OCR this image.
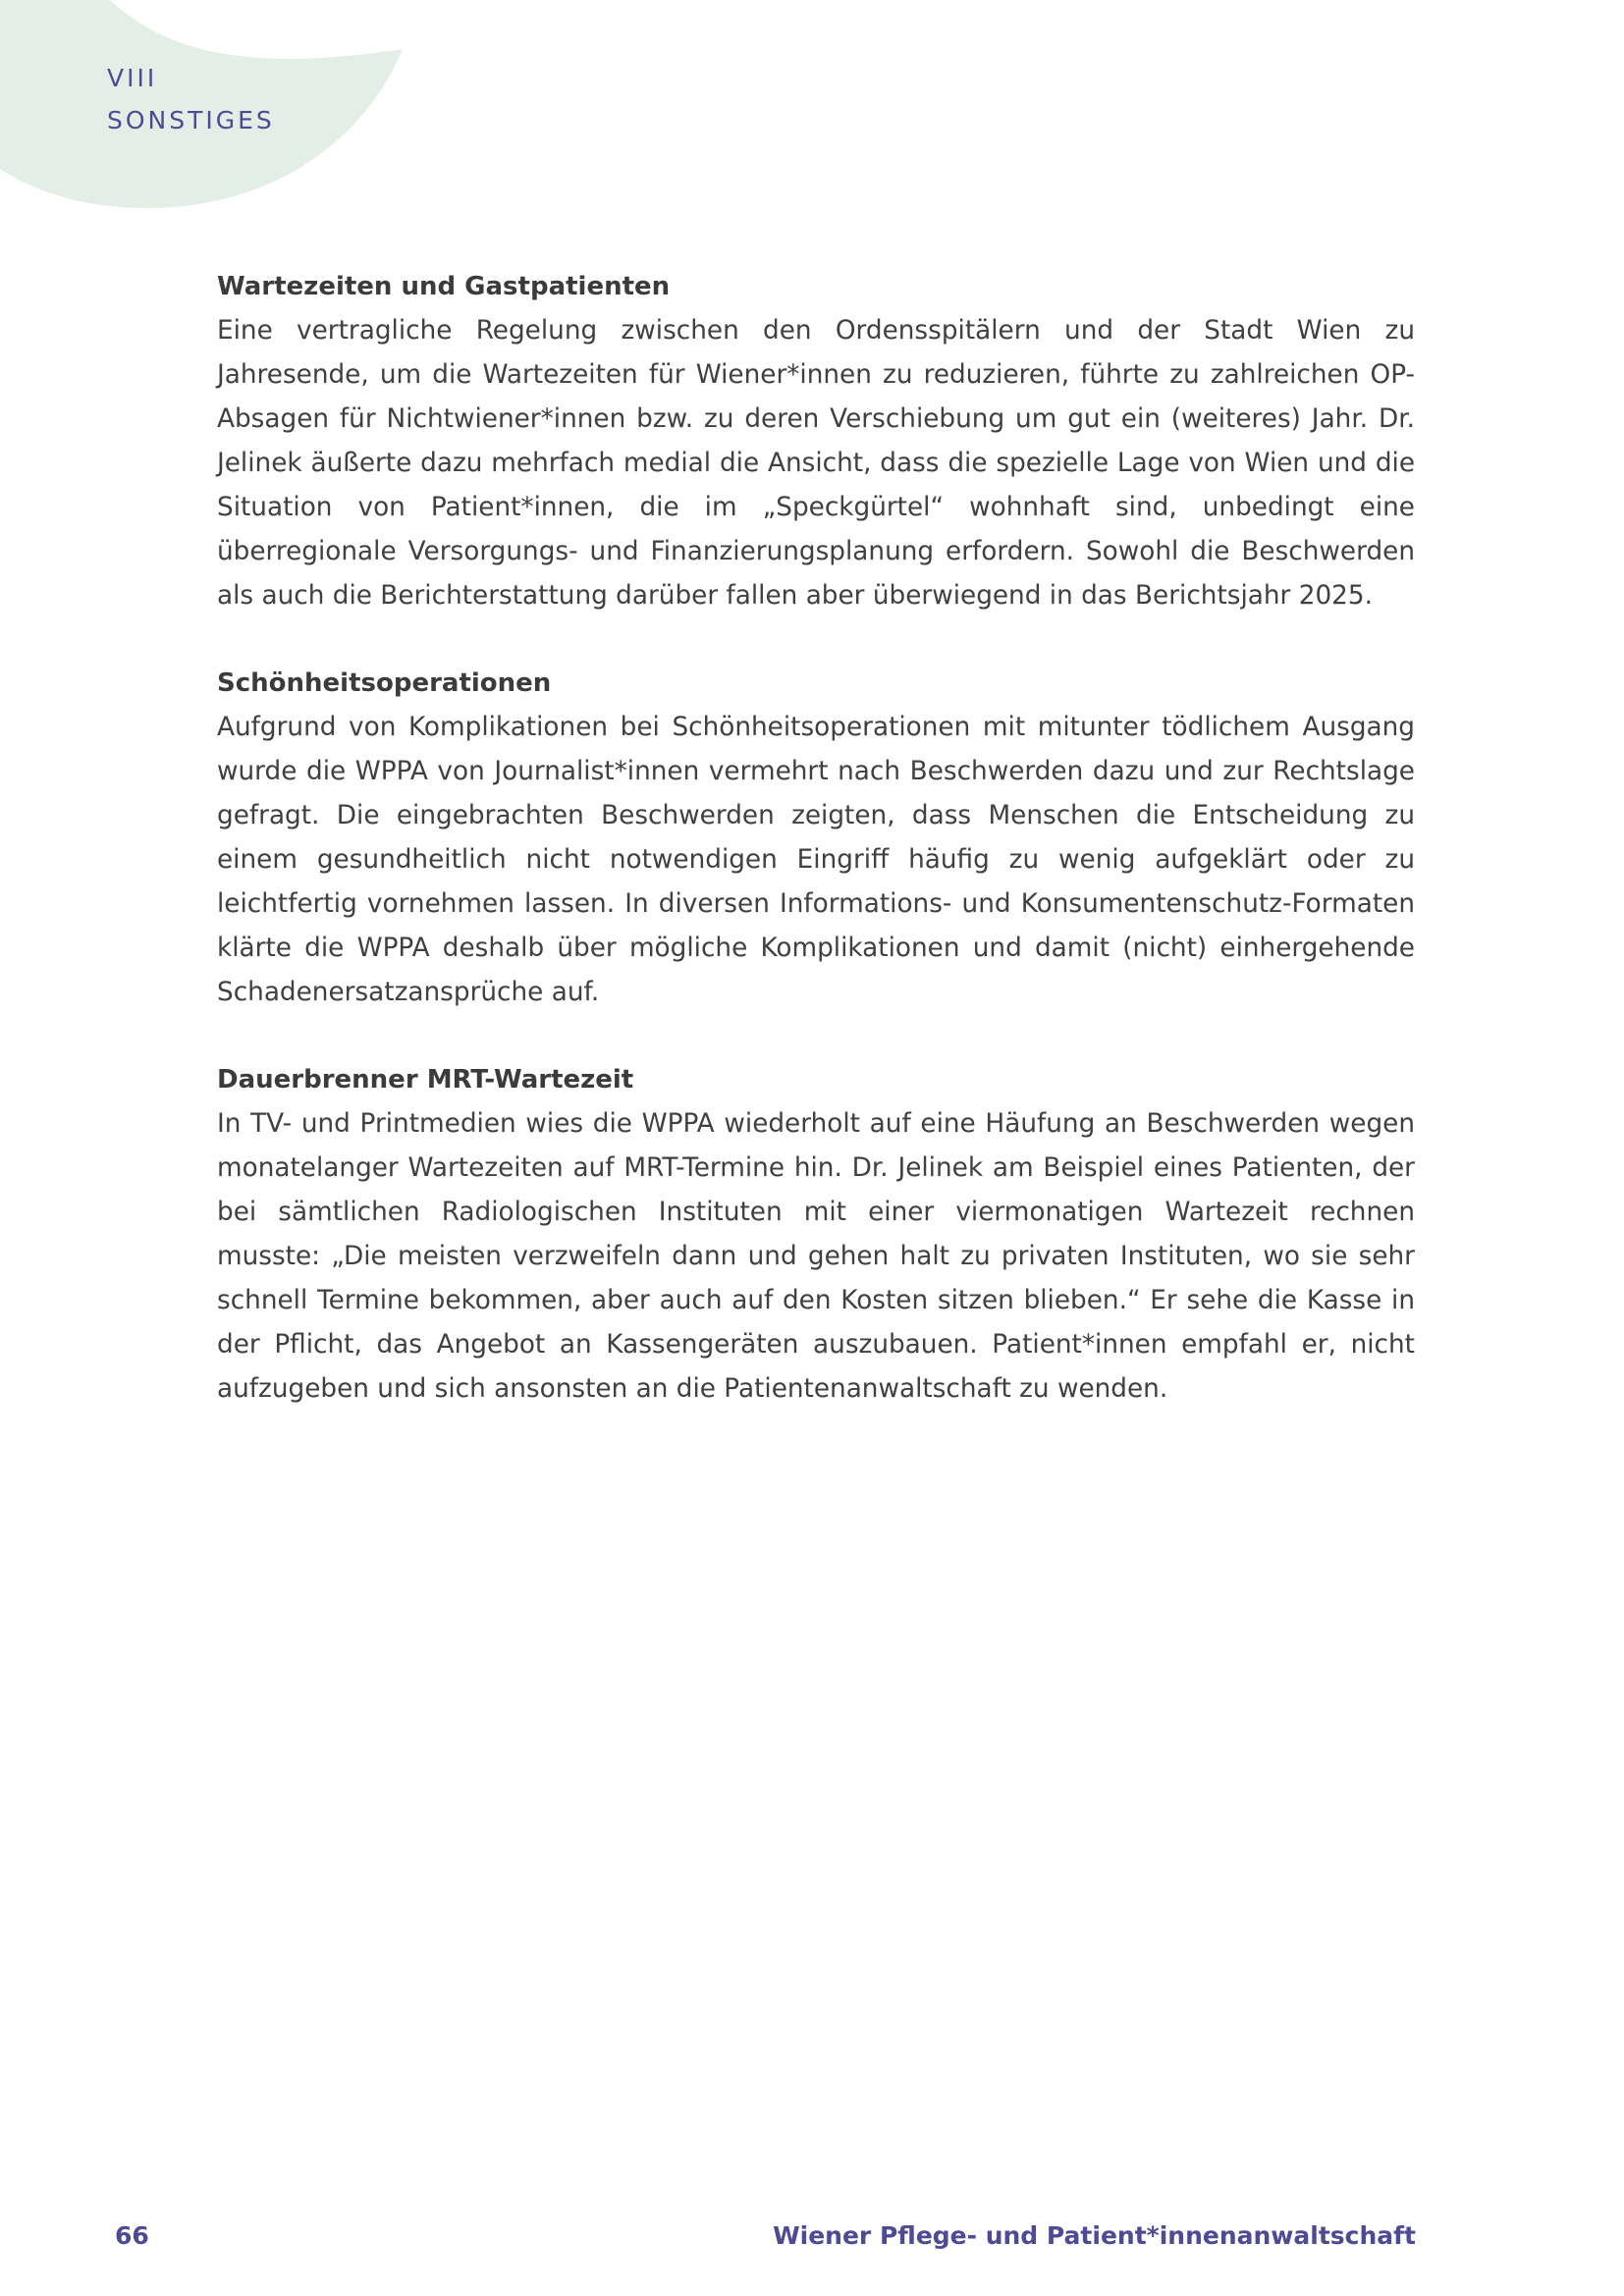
VIII
SONSTIGES
Wartezeiten und Gastpatienten

Eine vertragliche Regelung zwischen den Ordensspitälern und der Stadt Wien zu Jahresende, um die Wartezeiten für Wiener*innen zu reduzieren, führte zu zahlreichen OP-Absagen für Nichtwiener*innen bzw. zu deren Verschiebung um gut ein (weiteres) Jahr. Dr. Jelinek äußerte dazu mehrfach medial die Ansicht, dass die spezielle Lage von Wien und die Situation von Patient*innen, die im „Speckgürtel“ wohnhaft sind, unbedingt eine überregionale Versorgungs- und Finanzierungsplanung erfordern. Sowohl die Beschwerden als auch die Berichterstattung darüber fallen aber überwiegend in das Berichtsjahr 2025.

Schönheitsoperationen

Aufgrund von Komplikationen bei Schönheitsoperationen mit mitunter tödlichem Ausgang wurde die WPPA von Journalist*innen vermehrt nach Beschwerden dazu und zur Rechtslage gefragt. Die eingebrachten Beschwerden zeigten, dass Menschen die Entscheidung zu einem gesundheitlich nicht notwendigen Eingriff häufig zu wenig aufgeklärt oder zu leichtfertig vornehmen lassen. In diversen Informations- und Konsumentenschutz-Formaten klärte die WPPA deshalb über mögliche Komplikationen und damit (nicht) einhergehende Schadenersatzansprüche auf.

Dauerbrenner MRT-Wartezeit

In TV- und Printmedien wies die WPPA wiederholt auf eine Häufung an Beschwerden wegen monatelanger Wartezeiten auf MRT-Termine hin. Dr. Jelinek am Beispiel eines Patienten, der bei sämtlichen Radiologischen Instituten mit einer viermonatigen Wartezeit rechnen musste: „Die meisten verzweifeln dann und gehen halt zu privaten Instituten, wo sie sehr schnell Termine bekommen, aber auch auf den Kosten sitzen blieben.“ Er sehe die Kasse in der Pflicht, das Angebot an Kassengeräten auszubauen. Patient*innen empfahl er, nicht aufzugeben und sich ansonsten an die Patientenanwaltschaft zu wenden.

66	Wiener Pflege- und Patient*innenanwaltschaft
